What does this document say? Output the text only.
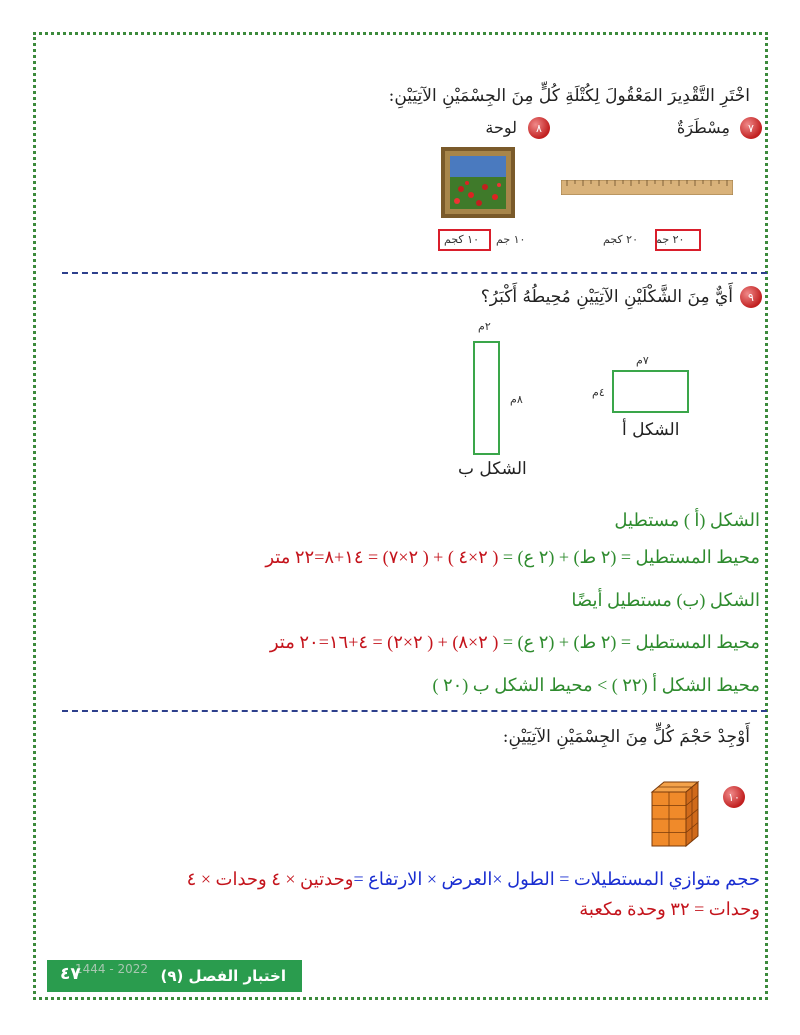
اخْتَرِ التَّقْدِيرَ المَعْقُولَ لِكُتْلَةِ كُلٍّ مِنَ الجِسْمَيْنِ الآتِيَيْنِ:
٧
مِسْطَرَةٌ
٨
لوحة
٢٠ جم
٢٠ كجم
١٠ جم
١٠ كجم
٩
أَيٌّ مِنَ الشَّكْلَيْنِ الآتِيَيْنِ مُحِيطُهُ أَكْبَرُ؟
٢م
٨م
الشكل ب
٧م
٤م
الشكل أ
الشكل (أ ) مستطيل
محيط المستطيل = (٢ ط) + (٢ ع) = ( ٢×٤ ) + ( ٢×٧) = ١٤+٨=٢٢ متر
الشكل (ب) مستطيل أيضًا
محيط المستطيل = (٢ ط) + (٢ ع) = ( ٢×٨) + ( ٢×٢) = ٤+١٦=٢٠ متر
محيط الشكل أ (٢٢ ) > محيط الشكل ب (٢٠ )
أَوْجِدْ حَجْمَ كُلٍّ مِنَ الجِسْمَيْنِ الآتِيَيْنِ:
١٠
حجم متوازي المستطيلات = الطول ×العرض × الارتفاع =وحدتين × ٤ وحدات × ٤
وحدات = ٣٢ وحدة مكعبة
اختبار الفصل (٩)
1444 - 2022
٤٧
